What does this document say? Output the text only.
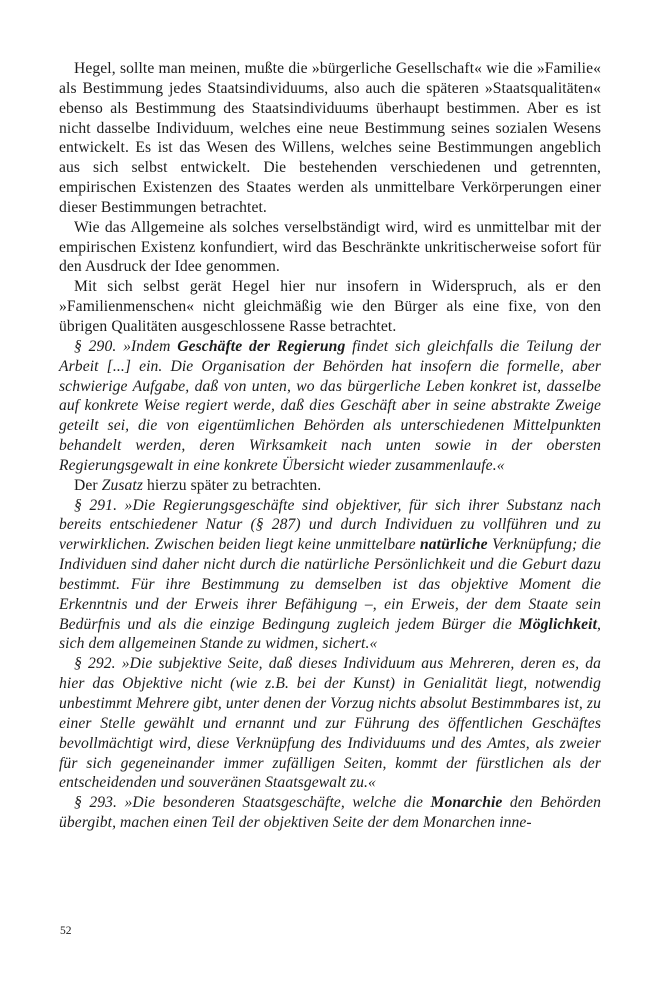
Hegel, sollte man meinen, mußte die »bürgerliche Gesellschaft« wie die »Familie« als Bestimmung jedes Staatsindividuums, also auch die späteren »Staatsqualitäten« ebenso als Bestimmung des Staatsindividuums überhaupt bestimmen. Aber es ist nicht dasselbe Individuum, welches eine neue Bestimmung seines sozialen Wesens entwickelt. Es ist das Wesen des Willens, welches seine Bestimmungen angeblich aus sich selbst entwickelt. Die bestehenden verschiedenen und getrennten, empirischen Existenzen des Staates werden als unmittelbare Verkörperungen einer dieser Bestimmungen betrachtet.

Wie das Allgemeine als solches verselbständigt wird, wird es unmittelbar mit der empirischen Existenz konfundiert, wird das Beschränkte unkritischerweise sofort für den Ausdruck der Idee genommen.

Mit sich selbst gerät Hegel hier nur insofern in Widerspruch, als er den »Familienmenschen« nicht gleichmäßig wie den Bürger als eine fixe, von den übrigen Qualitäten ausgeschlossene Rasse betrachtet.

§ 290. »Indem Geschäfte der Regierung findet sich gleichfalls die Teilung der Arbeit [...] ein. Die Organisation der Behörden hat insofern die formelle, aber schwierige Aufgabe, daß von unten, wo das bürgerliche Leben konkret ist, dasselbe auf konkrete Weise regiert werde, daß dies Geschäft aber in seine abstrakte Zweige geteilt sei, die von eigentümlichen Behörden als unterschiedenen Mittelpunkten behandelt werden, deren Wirksamkeit nach unten sowie in der obersten Regierungsgewalt in eine konkrete Übersicht wieder zusammenlaufe.«

Der Zusatz hierzu später zu betrachten.

§ 291. »Die Regierungsgeschäfte sind objektiver, für sich ihrer Substanz nach bereits entschiedener Natur (§ 287) und durch Individuen zu vollführen und zu verwirklichen. Zwischen beiden liegt keine unmittelbare natürliche Verknüpfung; die Individuen sind daher nicht durch die natürliche Persönlichkeit und die Geburt dazu bestimmt. Für ihre Bestimmung zu demselben ist das objektive Moment die Erkenntnis und der Erweis ihrer Befähigung –, ein Erweis, der dem Staate sein Bedürfnis und als die einzige Bedingung zugleich jedem Bürger die Möglichkeit, sich dem allgemeinen Stande zu widmen, sichert.«

§ 292. »Die subjektive Seite, daß dieses Individuum aus Mehreren, deren es, da hier das Objektive nicht (wie z.B. bei der Kunst) in Genialität liegt, notwendig unbestimmt Mehrere gibt, unter denen der Vorzug nichts absolut Bestimmbares ist, zu einer Stelle gewählt und ernannt und zur Führung des öffentlichen Geschäftes bevollmächtigt wird, diese Verknüpfung des Individuums und des Amtes, als zweier für sich gegeneinander immer zufälligen Seiten, kommt der fürstlichen als der entscheidenden und souveränen Staatsgewalt zu.«

§ 293. »Die besonderen Staatsgeschäfte, welche die Monarchie den Behörden übergibt, machen einen Teil der objektiven Seite der dem Monarchen inne-

52
